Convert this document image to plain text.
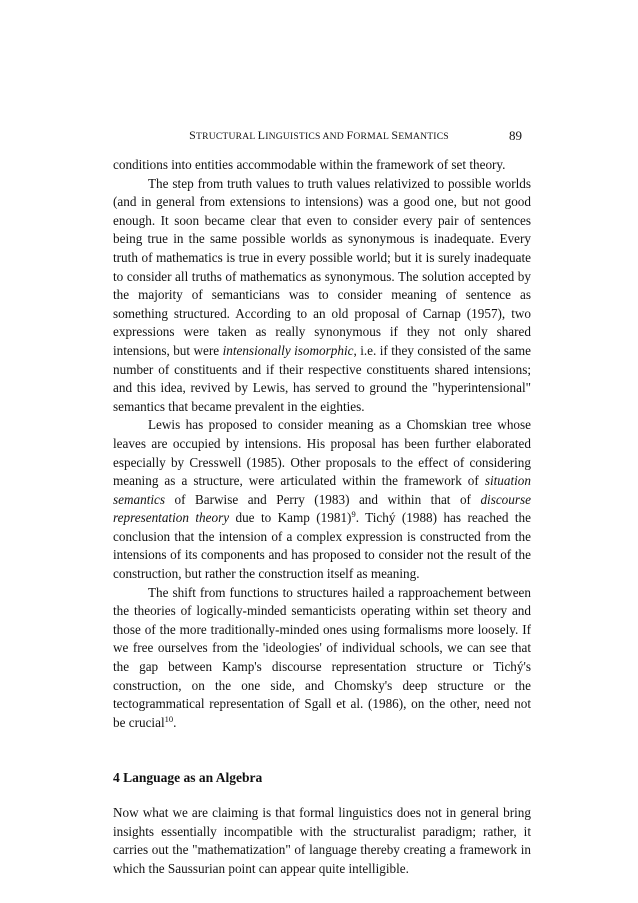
STRUCTURAL LINGUISTICS AND FORMAL SEMANTICS	89

conditions into entities accommodable within the framework of set theory.

The step from truth values to truth values relativized to possible worlds (and in general from extensions to intensions) was a good one, but not good enough. It soon became clear that even to consider every pair of sentences being true in the same possible worlds as synonymous is inadequate. Every truth of mathematics is true in every possible world; but it is surely inadequate to consider all truths of mathematics as synonymous. The solution accepted by the majority of semanticians was to consider meaning of sentence as something structured. According to an old proposal of Carnap (1957), two expressions were taken as really synonymous if they not only shared intensions, but were intensionally isomorphic, i.e. if they consisted of the same number of constituents and if their respective constituents shared intensions; and this idea, revived by Lewis, has served to ground the "hyperintensional" semantics that became prevalent in the eighties.

Lewis has proposed to consider meaning as a Chomskian tree whose leaves are occupied by intensions. His proposal has been further elaborated especially by Cresswell (1985). Other proposals to the effect of considering meaning as a structure, were articulated within the framework of situation semantics of Barwise and Perry (1983) and within that of discourse representation theory due to Kamp $(1981)^9$. Tichý (1988) has reached the conclusion that the intension of a complex expression is constructed from the intensions of its components and has proposed to consider not the result of the construction, but rather the construction itself as meaning.

The shift from functions to structures hailed a rapproachement between the theories of logically-minded semanticists operating within set theory and those of the more traditionally-minded ones using formalisms more loosely. If we free ourselves from the 'ideologies' of individual schools, we can see that the gap between Kamp's discourse representation structure or Tichý's construction, on the one side, and Chomsky's deep structure or the tectogrammatical representation of Sgall et al. (1986), on the other, need not be crucial$^{10}$.

4 Language as an Algebra

Now what we are claiming is that formal linguistics does not in general bring insights essentially incompatible with the structuralist paradigm; rather, it carries out the "mathematization" of language thereby creating a framework in which the Saussurian point can appear quite intelligible.
